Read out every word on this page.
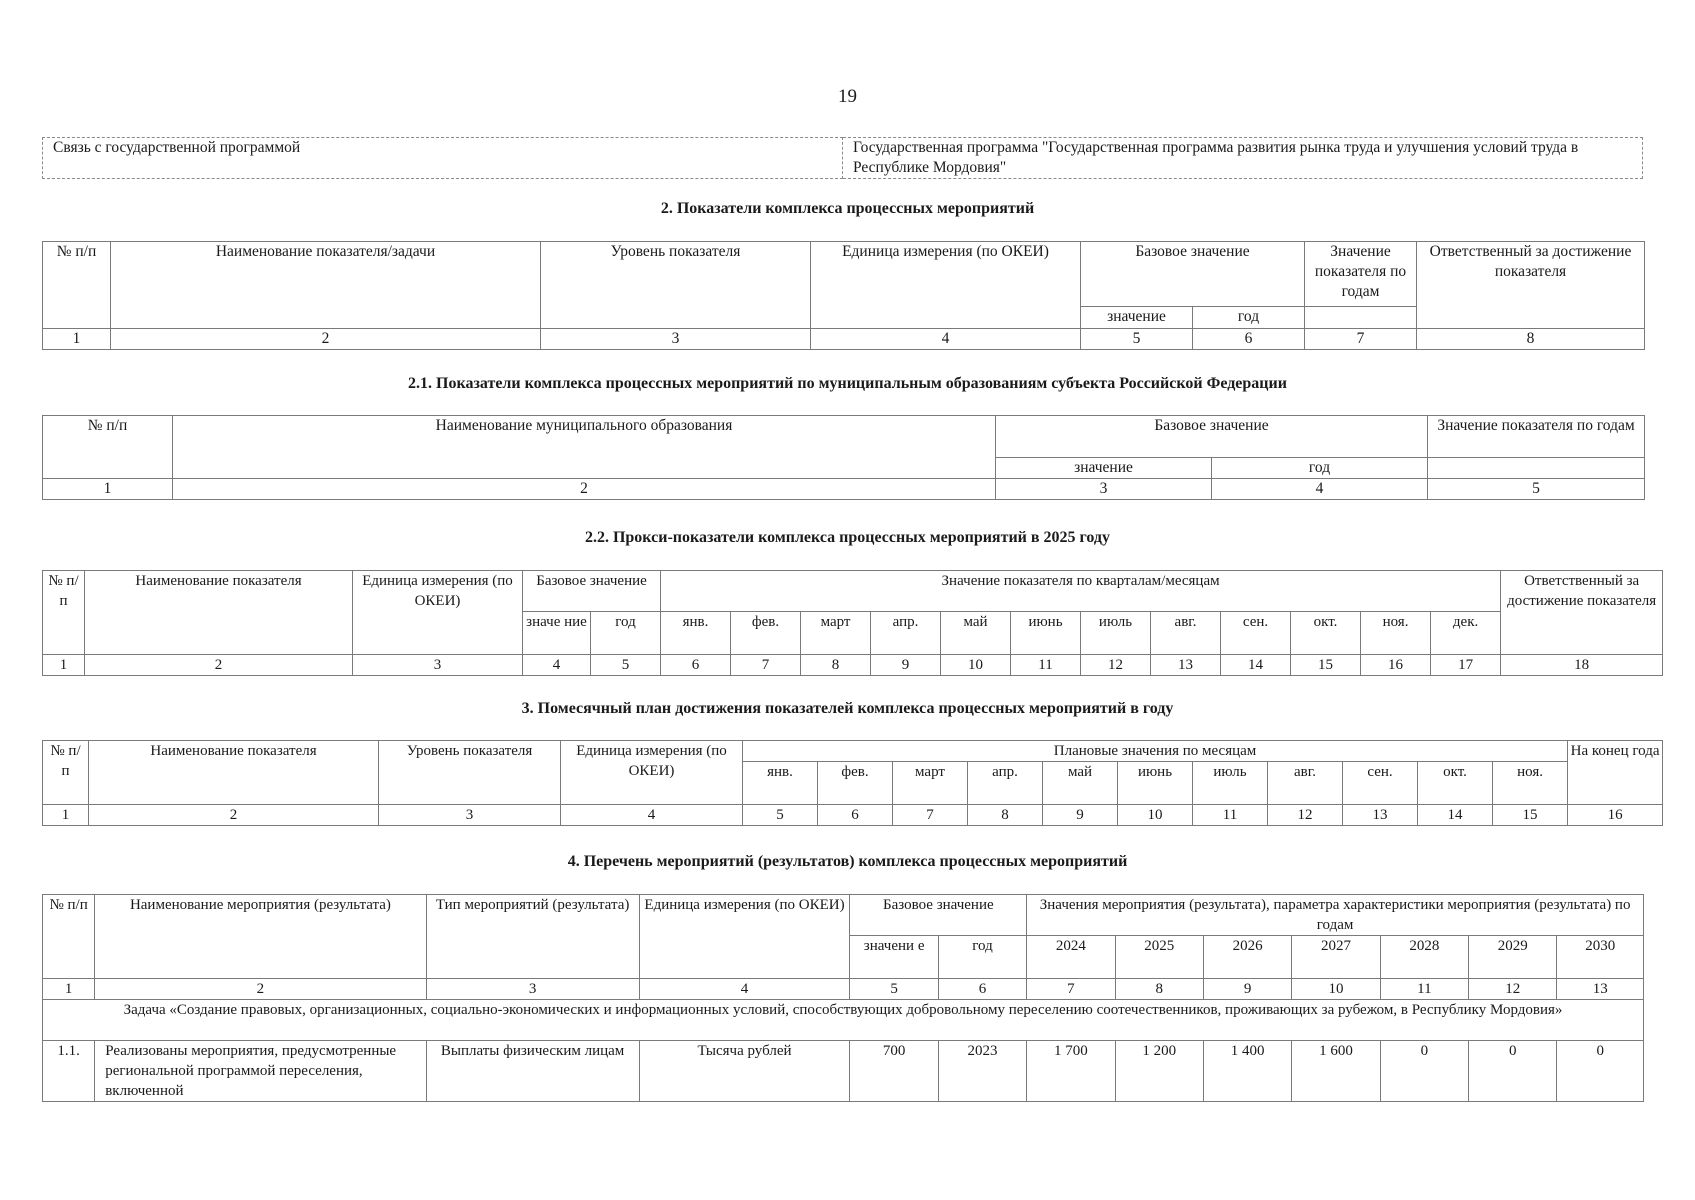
19
Связь с государственной программой	Государственная программа "Государственная программа развития рынка труда и улучшения условий труда в Республике Мордовия"
2. Показатели комплекса процессных мероприятий
№ п/п	Наименование показателя/задачи	Уровень показателя	Единица измерения (по ОКЕИ)	Базовое значение		Значение показателя по годам	Ответственный за достижение показателя
				значение	год		
1	2	3	4	5	6	7	8
2.1. Показатели комплекса процессных мероприятий по муниципальным образованиям субъекта Российской Федерации
№ п/п	Наименование муниципального образования	Базовое значение		Значение показателя по годам
		значение	год	
1	2	3	4	5
2.2. Прокси-показатели комплекса процессных мероприятий в 2025 году
№ п/ п	Наименование показателя	Единица измерения (по ОКЕИ)	Базовое значение		Значение показателя по кварталам/месяцам												Ответственный за достижение показателя
			значе ние	год	янв.	фев.	март	апр.	май	июнь	июль	авг.	сен.	окт.	ноя.	дек.	
1	2	3	4	5	6	7	8	9	10	11	12	13	14	15	16	17	18
3. Помесячный план достижения показателей комплекса процессных мероприятий в году
№ п/ п	Наименование показателя	Уровень показателя	Единица измерения (по ОКЕИ)	Плановые значения по месяцам											На конец года
				янв.	фев.	март	апр.	май	июнь	июль	авг.	сен.	окт.	ноя.	
1	2	3	4	5	6	7	8	9	10	11	12	13	14	15	16
4. Перечень мероприятий (результатов) комплекса процессных мероприятий
№ п/п	Наименование мероприятия (результата)	Тип мероприятий (результата)	Единица измерения (по ОКЕИ)	Базовое значение		Значения мероприятия (результата), параметра характеристики мероприятия (результата) по годам						
				значени е	год	2024	2025	2026	2027	2028	2029	2030
1	2	3	4	5	6	7	8	9	10	11	12	13
Задача «Создание правовых, организационных, социально-экономических и информационных условий, способствующих добровольному переселению соотечественников, проживающих за рубежом, в Республику Мордовия»												
1.1.	Реализованы мероприятия, предусмотренные региональной программой переселения, включенной	Выплаты физическим лицам	Тысяча рублей	700	2023	1 700	1 200	1 400	1 600	0	0	0
